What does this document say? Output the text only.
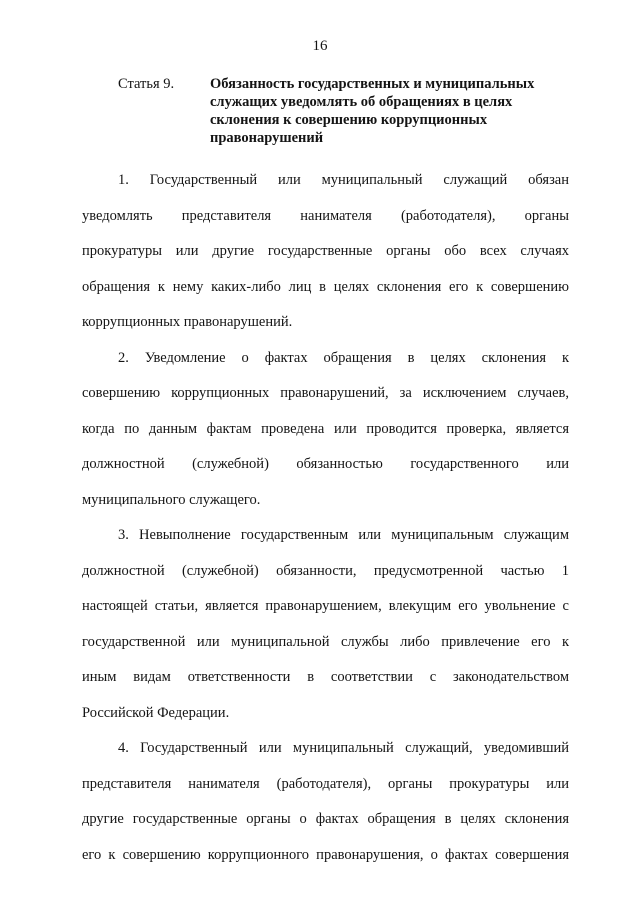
16
Статья 9.	Обязанность государственных и муниципальных служащих уведомлять об обращениях в целях склонения к совершению коррупционных правонарушений

1. Государственный или муниципальный служащий обязан
уведомлять представителя нанимателя (работодателя), органы
прокуратуры или другие государственные органы обо всех случаях
обращения к нему каких-либо лиц в целях склонения его к совершению
коррупционных правонарушений.

2. Уведомление о фактах обращения в целях склонения к
совершению коррупционных правонарушений, за исключением случаев,
когда по данным фактам проведена или проводится проверка, является
должностной (служебной) обязанностью государственного или
муниципального служащего.

3. Невыполнение государственным или муниципальным служащим
должностной (служебной) обязанности, предусмотренной частью 1
настоящей статьи, является правонарушением, влекущим его увольнение с
государственной или муниципальной службы либо привлечение его к
иным видам ответственности в соответствии с законодательством
Российской Федерации.

4. Государственный или муниципальный служащий, уведомивший
представителя нанимателя (работодателя), органы прокуратуры или
другие государственные органы о фактах обращения в целях склонения
его к совершению коррупционного правонарушения, о фактах совершения
